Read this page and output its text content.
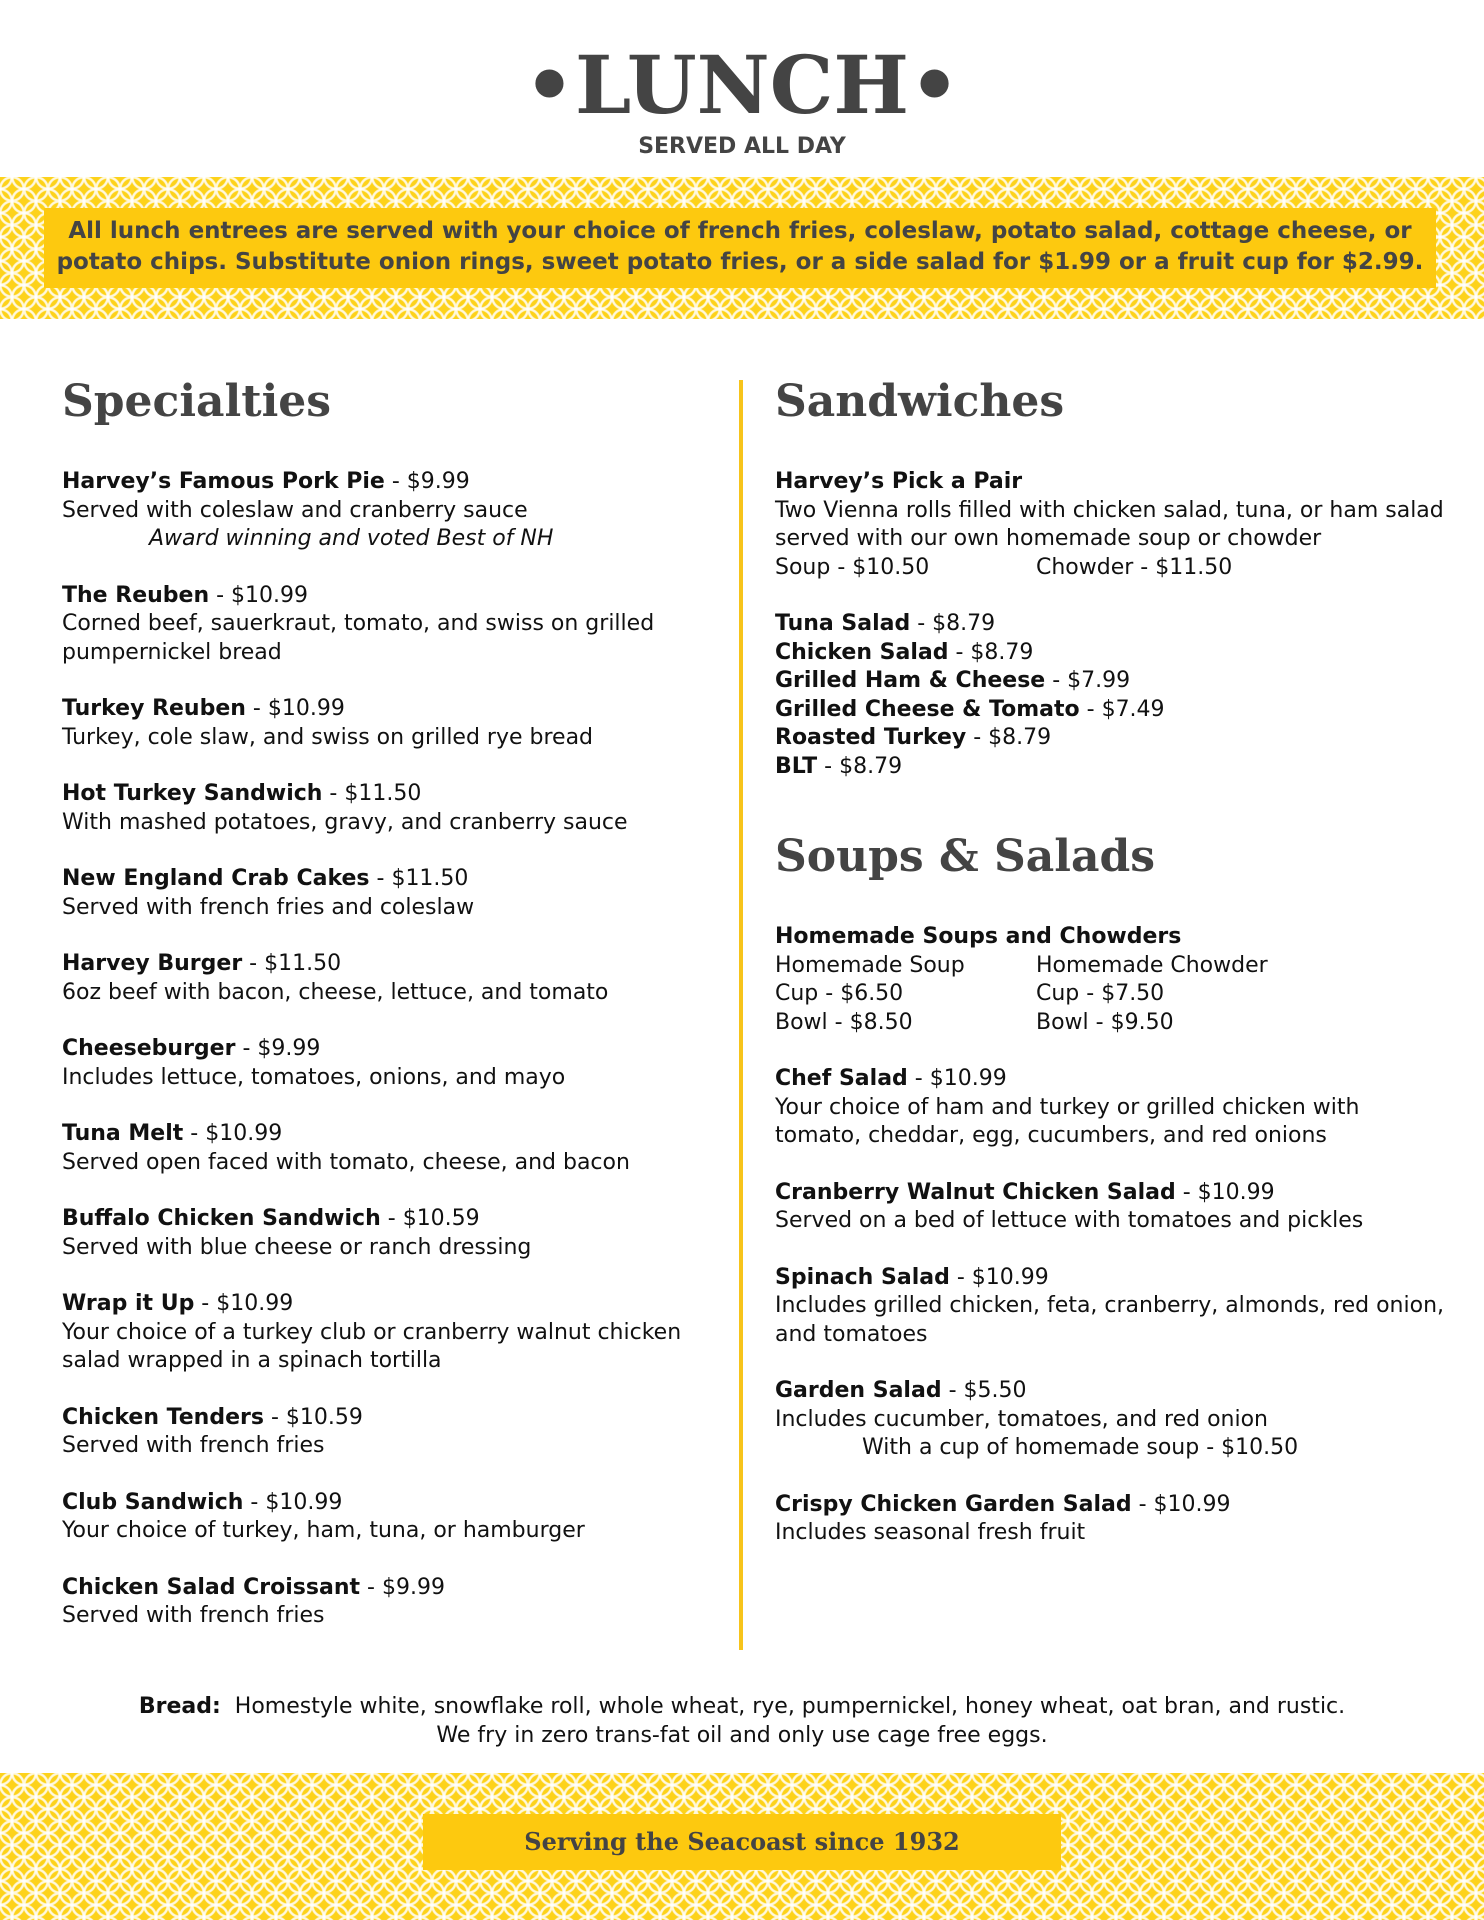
•LUNCH•
SERVED ALL DAY
All lunch entrees are served with your choice of french fries, coleslaw, potato salad, cottage cheese, or potato chips. Substitute onion rings, sweet potato fries, or a side salad for $1.99 or a fruit cup for $2.99.
Specialties
Harvey’s Famous Pork Pie - $9.99
Served with coleslaw and cranberry sauce
Award winning and voted Best of NH
The Reuben - $10.99
Corned beef, sauerkraut, tomato, and swiss on grilled pumpernickel bread
Turkey Reuben - $10.99
Turkey, cole slaw, and swiss on grilled rye bread
Hot Turkey Sandwich - $11.50
With mashed potatoes, gravy, and cranberry sauce
New England Crab Cakes - $11.50
Served with french fries and coleslaw
Harvey Burger - $11.50
6oz beef with bacon, cheese, lettuce, and tomato
Cheeseburger - $9.99
Includes lettuce, tomatoes, onions, and mayo
Tuna Melt - $10.99
Served open faced with tomato, cheese, and bacon
Buffalo Chicken Sandwich - $10.59
Served with blue cheese or ranch dressing
Wrap it Up - $10.99
Your choice of a turkey club or cranberry walnut chicken salad wrapped in a spinach tortilla
Chicken Tenders - $10.59
Served with french fries
Club Sandwich - $10.99
Your choice of turkey, ham, tuna, or hamburger
Chicken Salad Croissant - $9.99
Served with french fries
Sandwiches
Harvey’s Pick a Pair
Two Vienna rolls filled with chicken salad, tuna, or ham salad served with our own homemade soup or chowder
Soup - $10.50	Chowder - $11.50
Tuna Salad - $8.79
Chicken Salad - $8.79
Grilled Ham & Cheese - $7.99
Grilled Cheese & Tomato - $7.49
Roasted Turkey - $8.79
BLT - $8.79
Soups & Salads
Homemade Soups and Chowders
Homemade Soup
Cup - $6.50
Bowl - $8.50
Homemade Chowder
Cup - $7.50
Bowl - $9.50
Chef Salad - $10.99
Your choice of ham and turkey or grilled chicken with tomato, cheddar, egg, cucumbers, and red onions
Cranberry Walnut Chicken Salad - $10.99
Served on a bed of lettuce with tomatoes and pickles
Spinach Salad - $10.99
Includes grilled chicken, feta, cranberry, almonds, red onion, and tomatoes
Garden Salad - $5.50
Includes cucumber, tomatoes, and red onion
With a cup of homemade soup - $10.50
Crispy Chicken Garden Salad - $10.99
Includes seasonal fresh fruit
Bread:  Homestyle white, snowflake roll, whole wheat, rye, pumpernickel, honey wheat, oat bran, and rustic.
We fry in zero trans-fat oil and only use cage free eggs.
Serving the Seacoast since 1932
